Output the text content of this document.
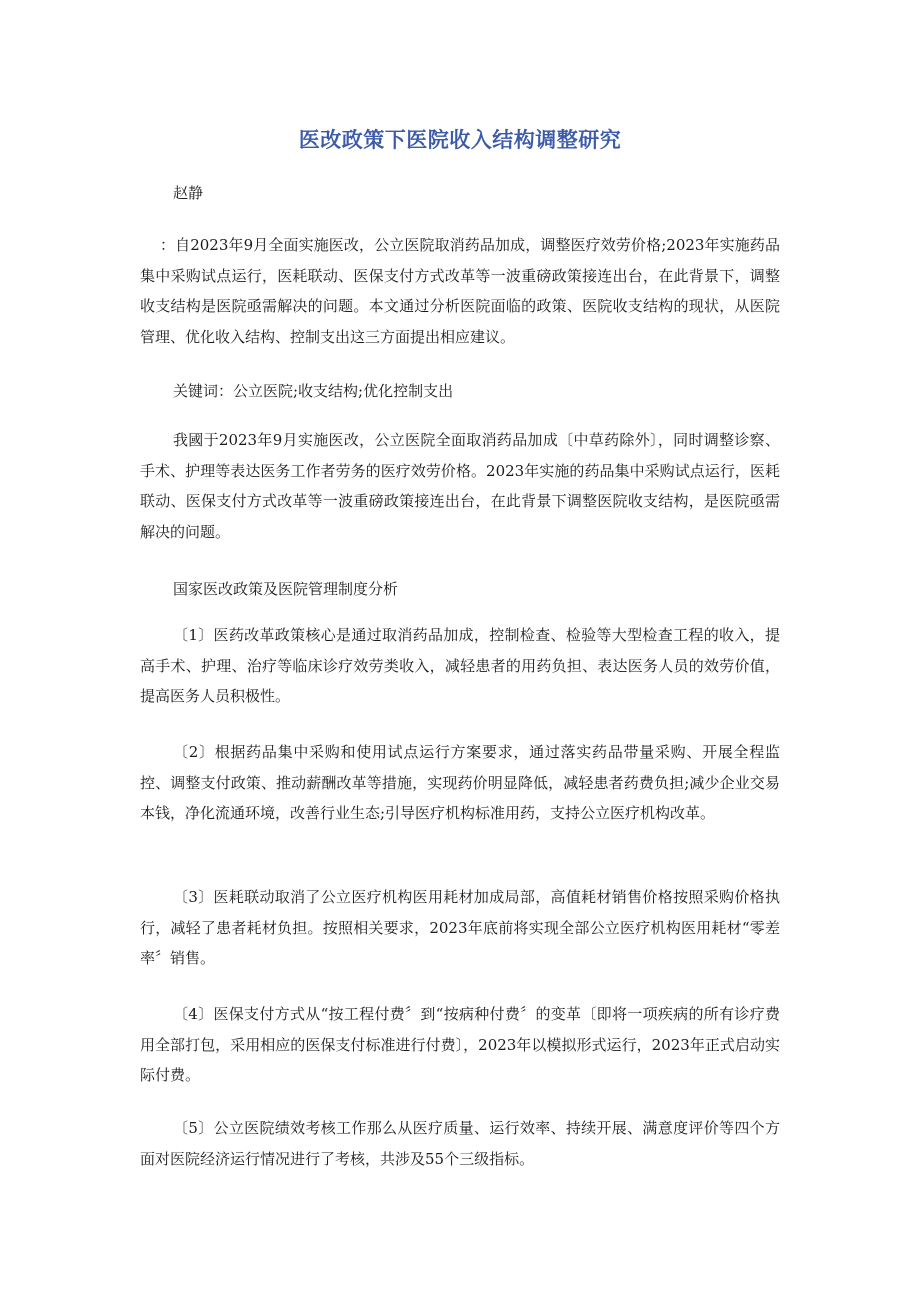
医改政策下医院收入结构调整研究
赵静

：自2023年9月全面实施医改，公立医院取消药品加成，调整医疗效劳价格;2023年实施药品集中采购试点运行，医耗联动、医保支付方式改革等一波重磅政策接连出台，在此背景下，调整收支结构是医院亟需解决的问题。本文通过分析医院面临的政策、医院收支结构的现状，从医院管理、优化收入结构、控制支出这三方面提出相应建议。

关键词：公立医院;收支结构;优化控制支出

我國于2023年9月实施医改，公立医院全面取消药品加成〔中草药除外〕，同时调整诊察、手术、护理等表达医务工作者劳务的医疗效劳价格。2023年实施的药品集中采购试点运行，医耗联动、医保支付方式改革等一波重磅政策接连出台，在此背景下调整医院收支结构，是医院亟需解决的问题。

国家医改政策及医院管理制度分析

〔1〕医药改革政策核心是通过取消药品加成，控制检查、检验等大型检查工程的收入，提高手术、护理、治疗等临床诊疗效劳类收入，减轻患者的用药负担、表达医务人员的效劳价值，提高医务人员积极性。

〔2〕根据药品集中采购和使用试点运行方案要求，通过落实药品带量采购、开展全程监控、调整支付政策、推动薪酬改革等措施，实现药价明显降低，减轻患者药费负担;减少企业交易本钱，净化流通环境，改善行业生态;引导医疗机构标准用药，支持公立医疗机构改革。

〔3〕医耗联动取消了公立医疗机构医用耗材加成局部，高值耗材销售价格按照采购价格执行，减轻了患者耗材负担。按照相关要求，2023年底前将实现全部公立医疗机构医用耗材“零差率〞销售。

〔4〕医保支付方式从“按工程付费〞到“按病种付费〞的变革〔即将一项疾病的所有诊疗费用全部打包，采用相应的医保支付标准进行付费〕，2023年以模拟形式运行，2023年正式启动实际付费。

〔5〕公立医院绩效考核工作那么从医疗质量、运行效率、持续开展、满意度评价等四个方面对医院经济运行情况进行了考核，共涉及55个三级指标。
